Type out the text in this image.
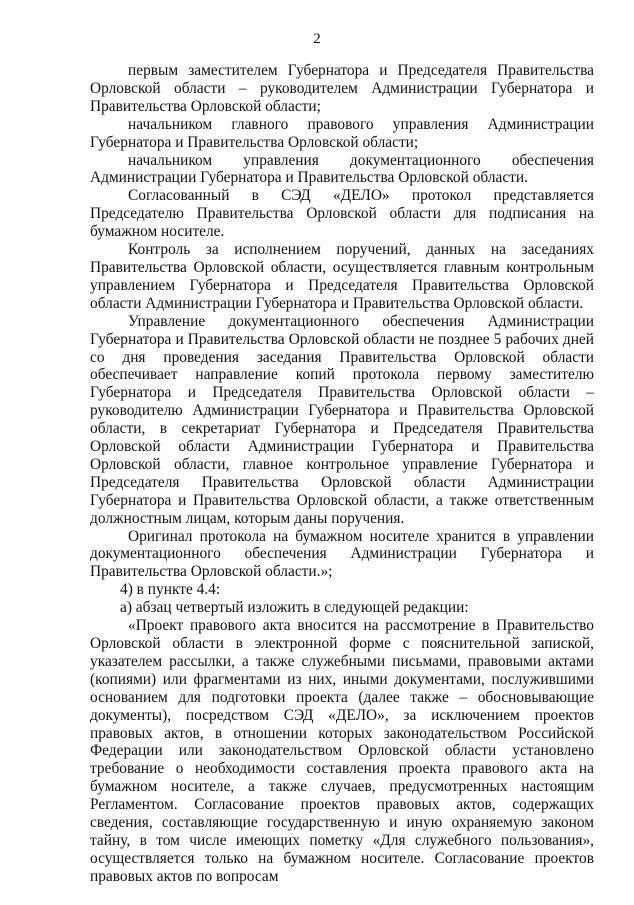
2

первым заместителем Губернатора и Председателя Правительства Орловской области – руководителем Администрации Губернатора и Правительства Орловской области;

начальником главного правового управления Администрации Губернатора и Правительства Орловской области;

начальником управления документационного обеспечения Администрации Губернатора и Правительства Орловской области.

Согласованный в СЭД «ДЕЛО» протокол представляется Председателю Правительства Орловской области для подписания на бумажном носителе.

Контроль за исполнением поручений, данных на заседаниях Правительства Орловской области, осуществляется главным контрольным управлением Губернатора и Председателя Правительства Орловской области Администрации Губернатора и Правительства Орловской области.

Управление документационного обеспечения Администрации Губернатора и Правительства Орловской области не позднее 5 рабочих дней со дня проведения заседания Правительства Орловской области обеспечивает направление копий протокола первому заместителю Губернатора и Председателя Правительства Орловской области – руководителю Администрации Губернатора и Правительства Орловской области, в секретариат Губернатора и Председателя Правительства Орловской области Администрации Губернатора и Правительства Орловской области, главное контрольное управление Губернатора и Председателя Правительства Орловской области Администрации Губернатора и Правительства Орловской области, а также ответственным должностным лицам, которым даны поручения.

Оригинал протокола на бумажном носителе хранится в управлении документационного обеспечения Администрации Губернатора и Правительства Орловской области.»;

4) в пункте 4.4:

а) абзац четвертый изложить в следующей редакции:

«Проект правового акта вносится на рассмотрение в Правительство Орловской области в электронной форме с пояснительной запиской, указателем рассылки, а также служебными письмами, правовыми актами (копиями) или фрагментами из них, иными документами, послужившими основанием для подготовки проекта (далее также – обосновывающие документы), посредством СЭД «ДЕЛО», за исключением проектов правовых актов, в отношении которых законодательством Российской Федерации или законодательством Орловской области установлено требование о необходимости составления проекта правового акта на бумажном носителе, а также случаев, предусмотренных настоящим Регламентом. Согласование проектов правовых актов, содержащих сведения, составляющие государственную и иную охраняемую законом тайну, в том числе имеющих пометку «Для служебного пользования», осуществляется только на бумажном носителе. Согласование проектов правовых актов по вопросам
